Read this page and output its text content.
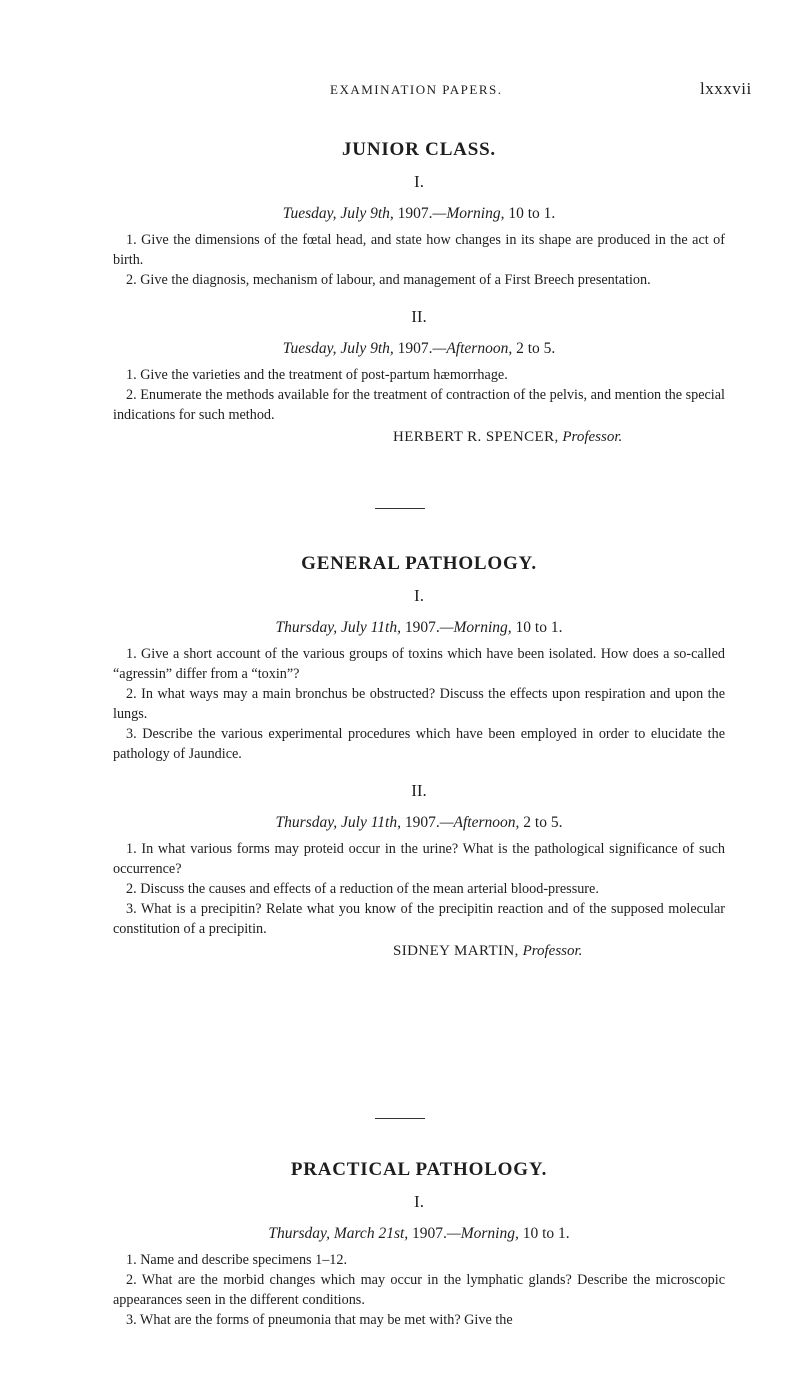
EXAMINATION PAPERS.	lxxxvii
JUNIOR CLASS.
I.
Tuesday, July 9th, 1907.—Morning, 10 to 1.

1. Give the dimensions of the fœtal head, and state how changes in its shape are produced in the act of birth.

2. Give the diagnosis, mechanism of labour, and management of a First Breech presentation.

II.
Tuesday, July 9th, 1907.—Afternoon, 2 to 5.

1. Give the varieties and the treatment of post-partum hæmorrhage.

2. Enumerate the methods available for the treatment of contraction of the pelvis, and mention the special indications for such method.

HERBERT R. SPENCER, Professor.
GENERAL PATHOLOGY.
I.
Thursday, July 11th, 1907.—Morning, 10 to 1.

1. Give a short account of the various groups of toxins which have been isolated. How does a so-called “agressin” differ from a “toxin”?

2. In what ways may a main bronchus be obstructed? Discuss the effects upon respiration and upon the lungs.

3. Describe the various experimental procedures which have been employed in order to elucidate the pathology of Jaundice.

II.
Thursday, July 11th, 1907.—Afternoon, 2 to 5.

1. In what various forms may proteid occur in the urine? What is the pathological significance of such occurrence?

2. Discuss the causes and effects of a reduction of the mean arterial blood-pressure.

3. What is a precipitin? Relate what you know of the precipitin reaction and of the supposed molecular constitution of a precipitin.

SIDNEY MARTIN, Professor.
PRACTICAL PATHOLOGY.
I.
Thursday, March 21st, 1907.—Morning, 10 to 1.

1. Name and describe specimens 1–12.

2. What are the morbid changes which may occur in the lymphatic glands? Describe the microscopic appearances seen in the different conditions.

3. What are the forms of pneumonia that may be met with? Give the
